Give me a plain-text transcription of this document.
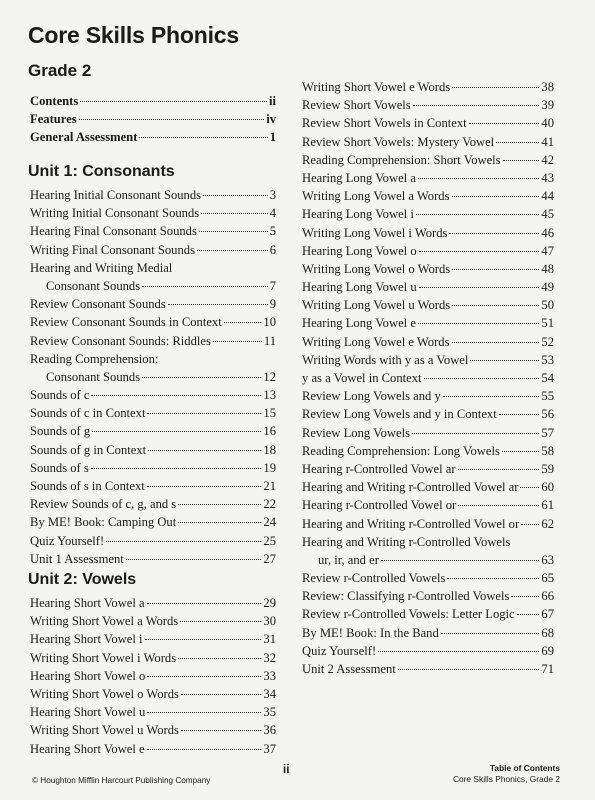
Core Skills Phonics
Grade 2
Contents	ii
Features	iv
General Assessment	1
Unit 1: Consonants
Hearing Initial Consonant Sounds	3
Writing Initial Consonant Sounds	4
Hearing Final Consonant Sounds	5
Writing Final Consonant Sounds	6
Hearing and Writing Medial
Consonant Sounds	7
Review Consonant Sounds	9
Review Consonant Sounds in Context	10
Review Consonant Sounds: Riddles	11
Reading Comprehension:
Consonant Sounds	12
Sounds of c	13
Sounds of c in Context	15
Sounds of g	16
Sounds of g in Context	18
Sounds of s	19
Sounds of s in Context	21
Review Sounds of c, g, and s	22
By ME! Book: Camping Out	24
Quiz Yourself!	25
Unit 1 Assessment	27
Unit 2: Vowels
Hearing Short Vowel a	29
Writing Short Vowel a Words	30
Hearing Short Vowel i	31
Writing Short Vowel i Words	32
Hearing Short Vowel o	33
Writing Short Vowel o Words	34
Hearing Short Vowel u	35
Writing Short Vowel u Words	36
Hearing Short Vowel e	37
Writing Short Vowel e Words	38
Review Short Vowels	39
Review Short Vowels in Context	40
Review Short Vowels: Mystery Vowel	41
Reading Comprehension: Short Vowels	42
Hearing Long Vowel a	43
Writing Long Vowel a Words	44
Hearing Long Vowel i	45
Writing Long Vowel i Words	46
Hearing Long Vowel o	47
Writing Long Vowel o Words	48
Hearing Long Vowel u	49
Writing Long Vowel u Words	50
Hearing Long Vowel e	51
Writing Long Vowel e Words	52
Writing Words with y as a Vowel	53
y as a Vowel in Context	54
Review Long Vowels and y	55
Review Long Vowels and y in Context	56
Review Long Vowels	57
Reading Comprehension: Long Vowels	58
Hearing r-Controlled Vowel ar	59
Hearing and Writing r-Controlled Vowel ar 60
Hearing r-Controlled Vowel or	61
Hearing and Writing r-Controlled Vowel or 62
Hearing and Writing r-Controlled Vowels
ur, ir, and er	63
Review r-Controlled Vowels	65
Review: Classifying r-Controlled Vowels	66
Review r-Controlled Vowels: Letter Logic 67
By ME! Book: In the Band	68
Quiz Yourself!	69
Unit 2 Assessment	71
© Houghton Mifflin Harcourt Publishing Company
ii	Table of Contents
Core Skills Phonics, Grade 2
